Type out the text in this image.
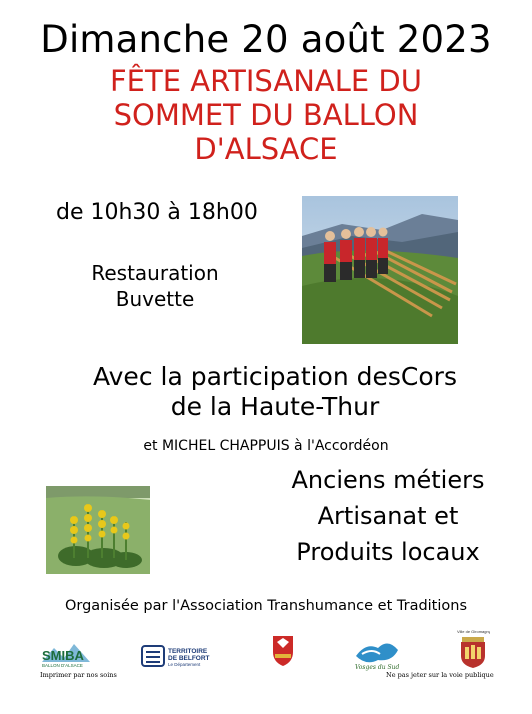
Dimanche 20 août 2023
FÊTE ARTISANALE DU
SOMMET DU BALLON
D'ALSACE
de 10h30 à 18h00
Restauration
Buvette
Avec la participation desCors
de la Haute-Thur
et MICHEL CHAPPUIS à l'Accordéon
Anciens métiers
Artisanat et
Produits locaux
Organisée par l'Association Transhumance et Traditions
SMIBA
BALLON D'ALSACE
TERRITOIRE
DE BELFORT
Le Département	Vosges du Sud
Ville de Giromagny
Imprimer par nos soins	Ne pas jeter sur la voie publique
